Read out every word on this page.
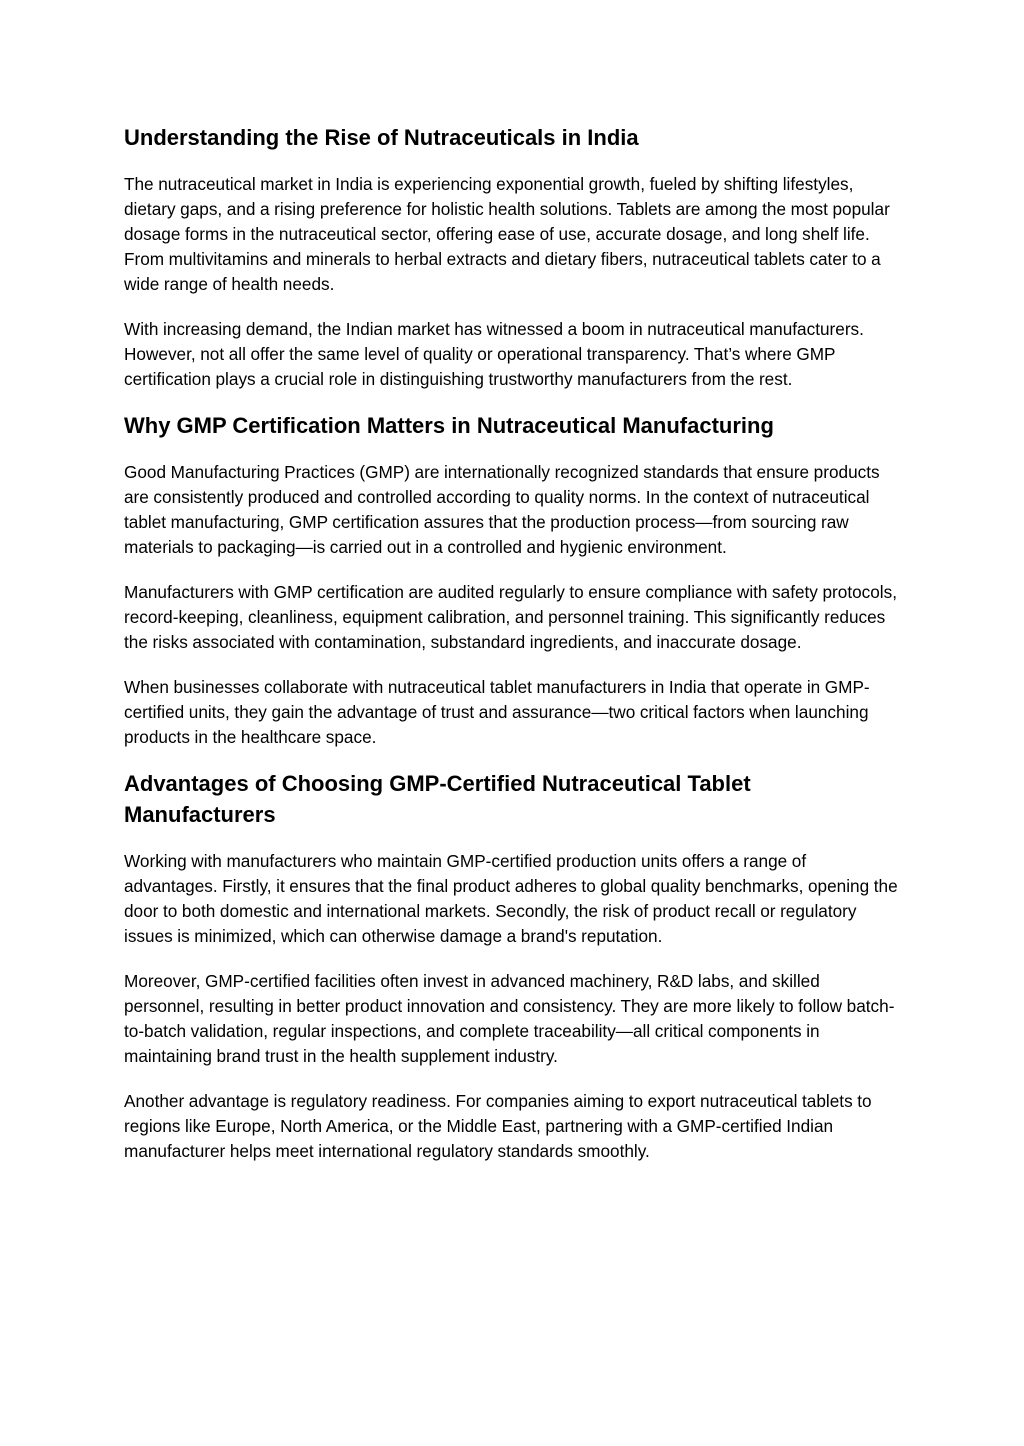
Understanding the Rise of Nutraceuticals in India

The nutraceutical market in India is experiencing exponential growth, fueled by shifting lifestyles, dietary gaps, and a rising preference for holistic health solutions. Tablets are among the most popular dosage forms in the nutraceutical sector, offering ease of use, accurate dosage, and long shelf life. From multivitamins and minerals to herbal extracts and dietary fibers, nutraceutical tablets cater to a wide range of health needs.

With increasing demand, the Indian market has witnessed a boom in nutraceutical manufacturers. However, not all offer the same level of quality or operational transparency. That’s where GMP certification plays a crucial role in distinguishing trustworthy manufacturers from the rest.

Why GMP Certification Matters in Nutraceutical Manufacturing

Good Manufacturing Practices (GMP) are internationally recognized standards that ensure products are consistently produced and controlled according to quality norms. In the context of nutraceutical tablet manufacturing, GMP certification assures that the production process—from sourcing raw materials to packaging—is carried out in a controlled and hygienic environment.

Manufacturers with GMP certification are audited regularly to ensure compliance with safety protocols, record-keeping, cleanliness, equipment calibration, and personnel training. This significantly reduces the risks associated with contamination, substandard ingredients, and inaccurate dosage.

When businesses collaborate with nutraceutical tablet manufacturers in India that operate in GMP-certified units, they gain the advantage of trust and assurance—two critical factors when launching products in the healthcare space.

Advantages of Choosing GMP-Certified Nutraceutical Tablet Manufacturers

Working with manufacturers who maintain GMP-certified production units offers a range of advantages. Firstly, it ensures that the final product adheres to global quality benchmarks, opening the door to both domestic and international markets. Secondly, the risk of product recall or regulatory issues is minimized, which can otherwise damage a brand's reputation.

Moreover, GMP-certified facilities often invest in advanced machinery, R&D labs, and skilled personnel, resulting in better product innovation and consistency. They are more likely to follow batch-to-batch validation, regular inspections, and complete traceability—all critical components in maintaining brand trust in the health supplement industry.

Another advantage is regulatory readiness. For companies aiming to export nutraceutical tablets to regions like Europe, North America, or the Middle East, partnering with a GMP-certified Indian manufacturer helps meet international regulatory standards smoothly.
